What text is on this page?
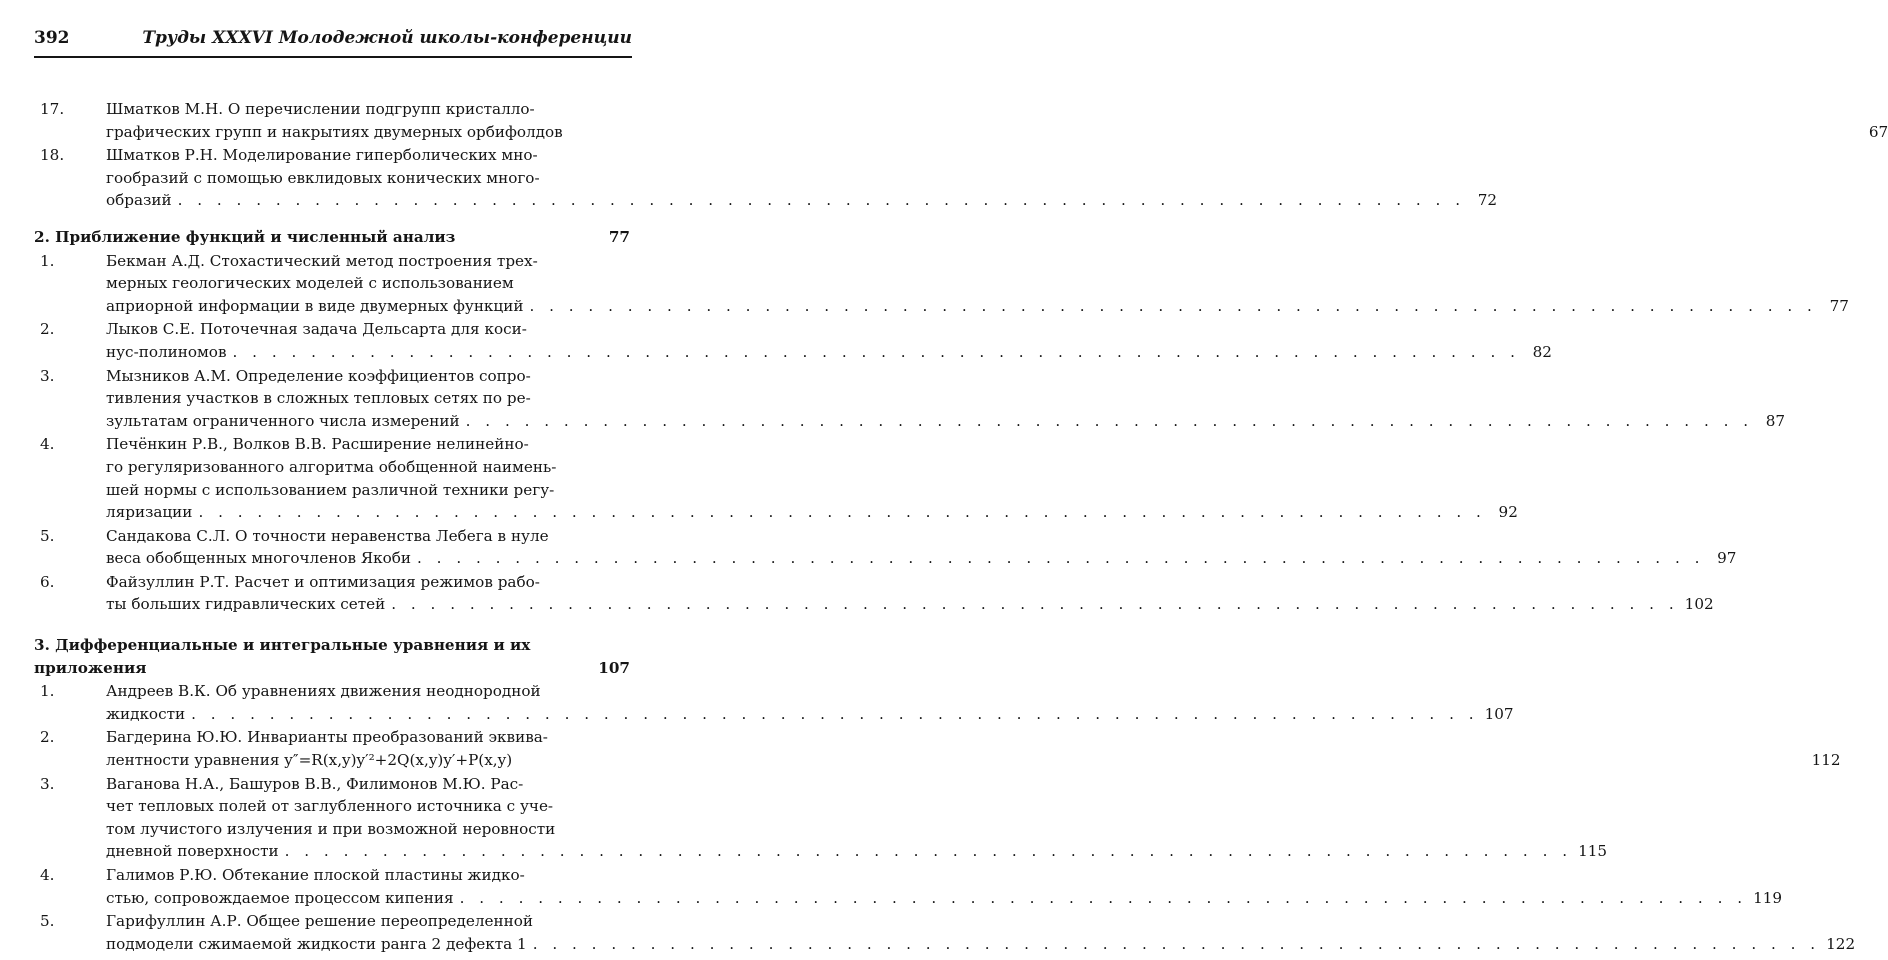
392	Труды XXXVI Молодежной школы-конференции
17.	Шматков М.Н. О перечислении подгрупп кристалло-
графических групп и накрытиях двумерных орбифолдов	67
18.	Шматков Р.Н. Моделирование гиперболических мно-
гообразий с помощью евклидовых конических много-
образий . . .	72
2. Приближение функций и численный анализ	77
1.	Бекман А.Д. Стохастический метод построения трех-
мерных геологических моделей с использованием
априорной информации в виде двумерных функций . . .	77
2.	Лыков С.Е. Поточечная задача Дельсарта для коси-
нус-полиномов . . .	82
3.	Мызников А.М. Определение коэффициентов сопро-
тивления участков в сложных тепловых сетях по ре-
зультатам ограниченного числа измерений . . .	87
4.	Печёнкин Р.В., Волков В.В. Расширение нелинейно-
го регуляризованного алгоритма обобщенной наимень-
шей нормы с использованием различной техники регу-
ляризации . . .	92
5.	Сандакова С.Л. О точности неравенства Лебега в нуле
веса обобщенных многочленов Якоби . . .	97
6.	Файзуллин Р.Т. Расчет и оптимизация режимов рабо-
ты больших гидравлических сетей . . .	102
3. Дифференциальные и интегральные уравнения и их
приложения	107
1.	Андреев В.К. Об уравнениях движения неоднородной
жидкости . . .	107
2.	Багдерина Ю.Ю. Инварианты преобразований эквива-
лентности уравнения y″=R(x,y)y′²+2Q(x,y)y′+P(x,y)	112
3.	Ваганова Н.А., Башуров В.В., Филимонов М.Ю. Рас-
чет тепловых полей от заглубленного источника с уче-
том лучистого излучения и при возможной неровности
дневной поверхности . . .	115
4.	Галимов Р.Ю. Обтекание плоской пластины жидко-
стью, сопровождаемое процессом кипения . . .	119
5.	Гарифуллин А.Р. Общее решение переопределенной
подмодели сжимаемой жидкости ранга 2 дефекта 1 . . .	122
